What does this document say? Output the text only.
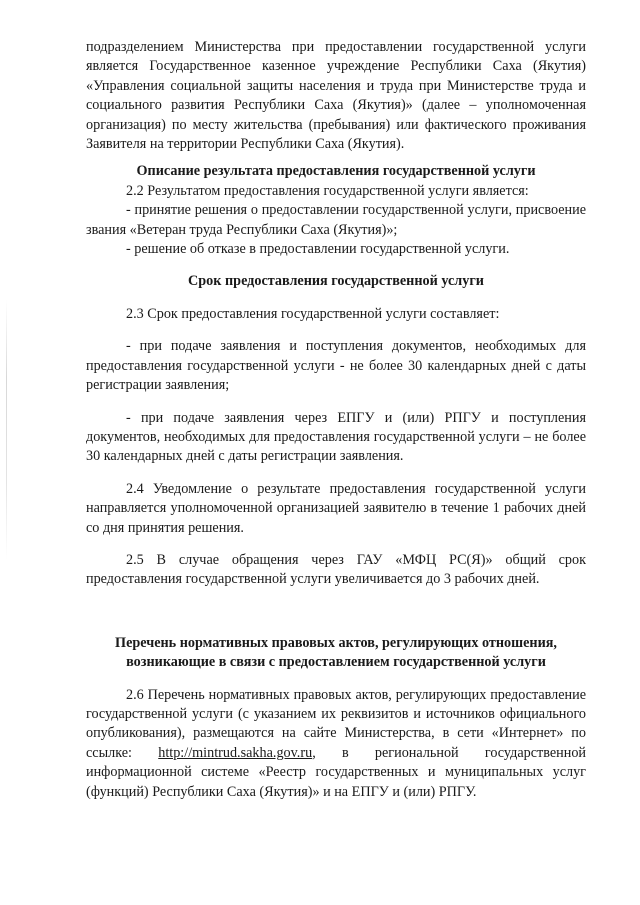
подразделением Министерства при предоставлении государственной услуги является Государственное казенное учреждение Республики Саха (Якутия) «Управления социальной защиты населения и труда при Министерстве труда и социального развития Республики Саха (Якутия)» (далее – уполномоченная организация) по месту жительства (пребывания) или фактического проживания Заявителя на территории Республики Саха (Якутия).

Описание результата предоставления государственной услуги

2.2 Результатом предоставления государственной услуги является:

- принятие решения о предоставлении государственной услуги, присвоение звания «Ветеран труда Республики Саха (Якутия)»;

- решение об отказе в предоставлении государственной услуги.

Срок предоставления государственной услуги

2.3 Срок предоставления государственной услуги составляет:

- при подаче заявления и поступления документов, необходимых для предоставления государственной услуги - не более 30 календарных дней с даты регистрации заявления;

- при подаче заявления через ЕПГУ и (или) РПГУ и поступления документов, необходимых для предоставления государственной услуги – не более 30 календарных дней с даты регистрации заявления.

2.4 Уведомление о результате предоставления государственной услуги направляется уполномоченной организацией заявителю в течение 1 рабочих дней со дня принятия решения.

2.5 В случае обращения через ГАУ «МФЦ РС(Я)» общий срок предоставления государственной услуги увеличивается до 3 рабочих дней.

Перечень нормативных правовых актов, регулирующих отношения, возникающие в связи с предоставлением государственной услуги

2.6 Перечень нормативных правовых актов, регулирующих предоставление государственной услуги (с указанием их реквизитов и источников официального опубликования), размещаются на сайте Министерства, в сети «Интернет» по ссылке: http://mintrud.sakha.gov.ru, в региональной государственной информационной системе «Реестр государственных и муниципальных услуг (функций) Республики Саха (Якутия)» и на ЕПГУ и (или) РПГУ.
